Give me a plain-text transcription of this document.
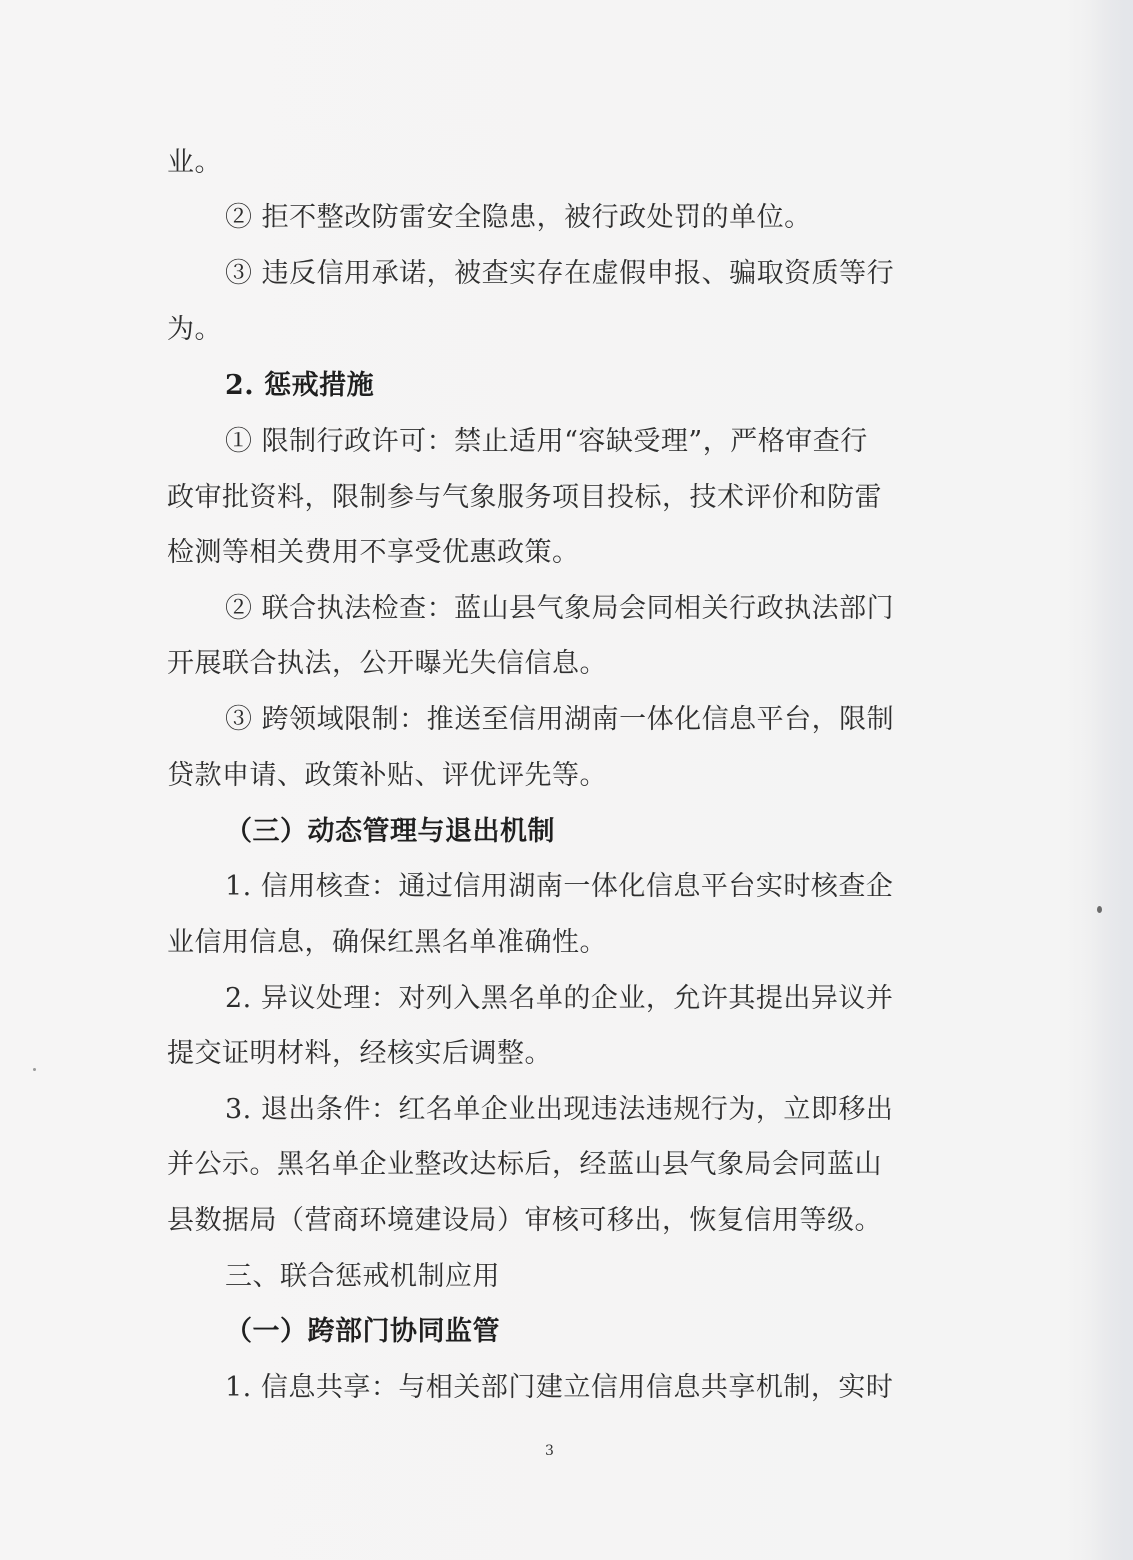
业。
② 拒不整改防雷安全隐患，被行政处罚的单位。
③ 违反信用承诺，被查实存在虚假申报、骗取资质等行
为。
2. 惩戒措施
① 限制行政许可：禁止适用“容缺受理”，严格审查行
政审批资料，限制参与气象服务项目投标，技术评价和防雷
检测等相关费用不享受优惠政策。
② 联合执法检查：蓝山县气象局会同相关行政执法部门
开展联合执法，公开曝光失信信息。
③ 跨领域限制：推送至信用湖南一体化信息平台，限制
贷款申请、政策补贴、评优评先等。
（三）动态管理与退出机制
1. 信用核查：通过信用湖南一体化信息平台实时核查企
业信用信息，确保红黑名单准确性。
2. 异议处理：对列入黑名单的企业，允许其提出异议并
提交证明材料，经核实后调整。
3. 退出条件：红名单企业出现违法违规行为，立即移出
并公示。黑名单企业整改达标后，经蓝山县气象局会同蓝山
县数据局（营商环境建设局）审核可移出，恢复信用等级。
三、联合惩戒机制应用
（一）跨部门协同监管
1. 信息共享：与相关部门建立信用信息共享机制，实时
3
